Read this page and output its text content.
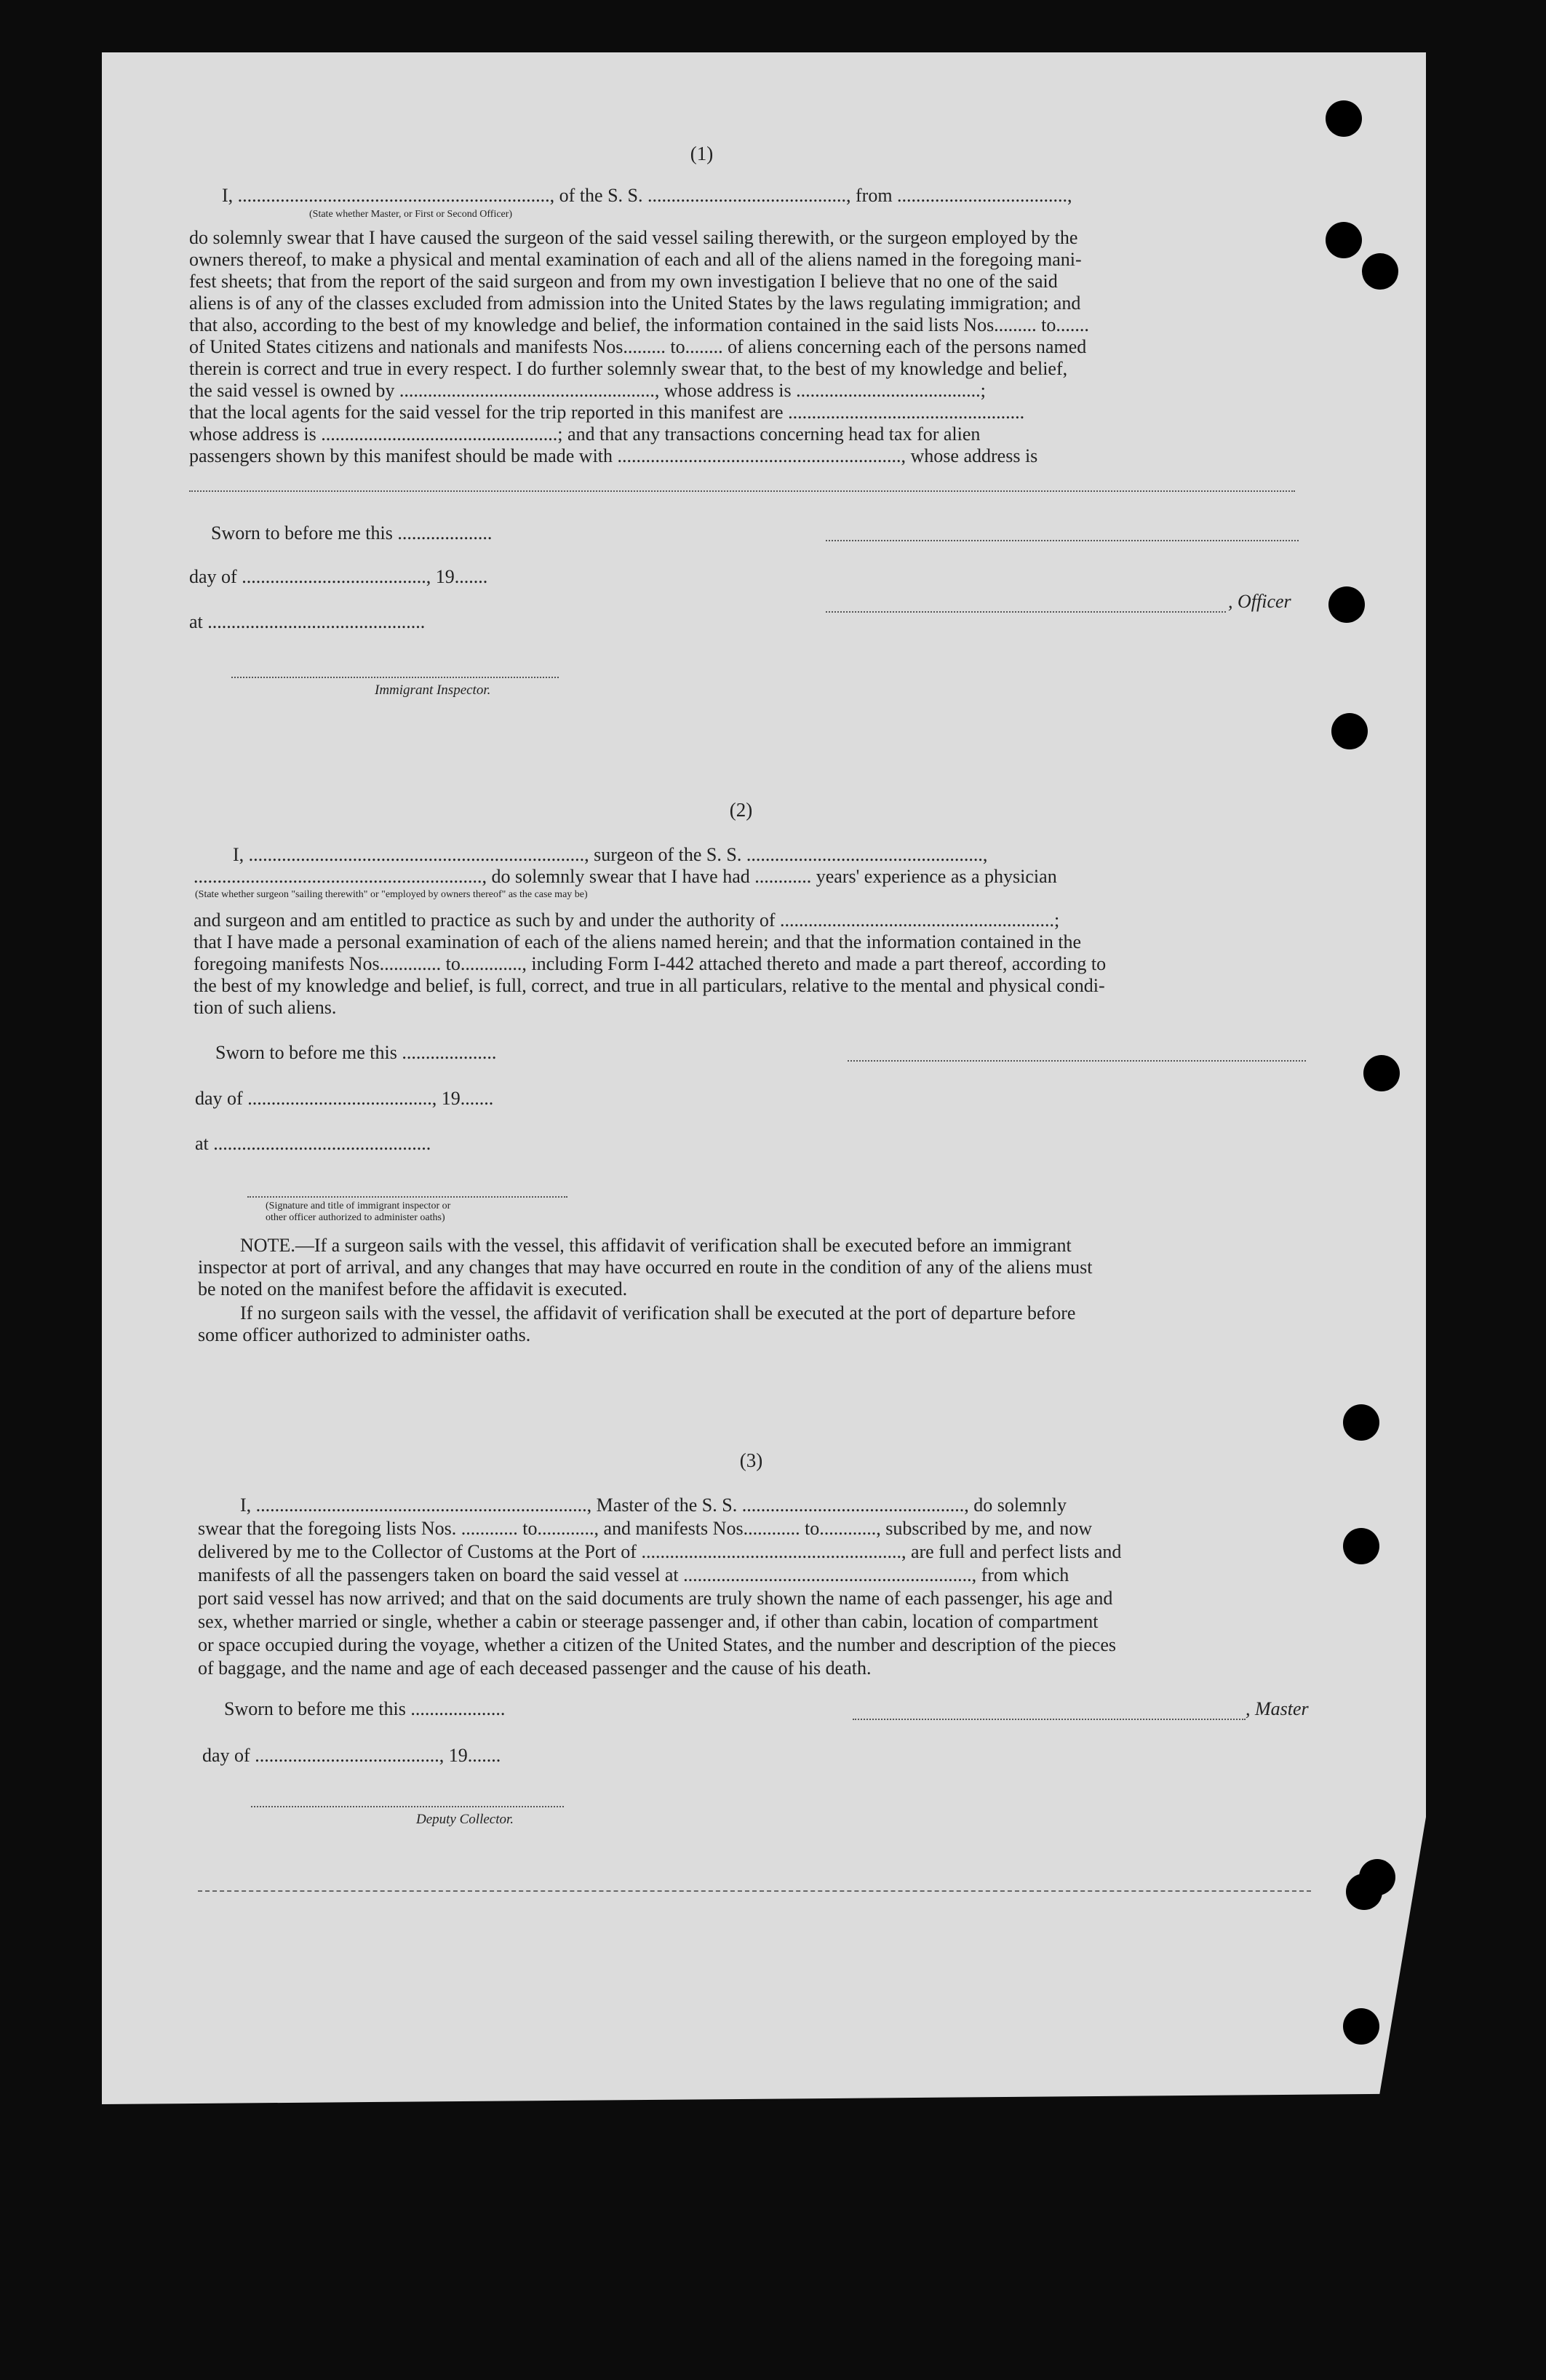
(1)
I, .................................................................., of the S. S. .........................................., from ....................................,
(State whether Master, or First or Second Officer)
do solemnly swear that I have caused the surgeon of the said vessel sailing therewith, or the surgeon employed by the
owners thereof, to make a physical and mental examination of each and all of the aliens named in the foregoing mani-
fest sheets; that from the report of the said surgeon and from my own investigation I believe that no one of the said
aliens is of any of the classes excluded from admission into the United States by the laws regulating immigration; and
that also, according to the best of my knowledge and belief, the information contained in the said lists Nos......... to.......
of United States citizens and nationals and manifests Nos......... to........ of aliens concerning each of the persons named
therein is correct and true in every respect. I do further solemnly swear that, to the best of my knowledge and belief,
the said vessel is owned by ......................................................, whose address is .......................................;
that the local agents for the said vessel for the trip reported in this manifest are ..................................................
whose address is ..................................................; and that any transactions concerning head tax for alien
passengers shown by this manifest should be made with ............................................................, whose address is
Sworn to before me this ....................
day of ......................................., 19.......
, Officer
at ..............................................
Immigrant Inspector.
(2)
I, ......................................................................., surgeon of the S. S. ..................................................,
............................................................., do solemnly swear that I have had ............ years' experience as a physician
(State whether surgeon "sailing therewith" or "employed by owners thereof" as the case may be)
and surgeon and am entitled to practice as such by and under the authority of ..........................................................;
that I have made a personal examination of each of the aliens named herein; and that the information contained in the
foregoing manifests Nos............. to............., including Form I-442 attached thereto and made a part thereof, according to
the best of my knowledge and belief, is full, correct, and true in all particulars, relative to the mental and physical condi-
tion of such aliens.
Sworn to before me this ....................
day of ......................................., 19.......
at ..............................................
(Signature and title of immigrant inspector or
other officer authorized to administer oaths)
NOTE.—If a surgeon sails with the vessel, this affidavit of verification shall be executed before an immigrant
inspector at port of arrival, and any changes that may have occurred en route in the condition of any of the aliens must
be noted on the manifest before the affidavit is executed.
If no surgeon sails with the vessel, the affidavit of verification shall be executed at the port of departure before
some officer authorized to administer oaths.
(3)
I, ......................................................................, Master of the S. S. ..............................................., do solemnly
swear that the foregoing lists Nos. ............ to............, and manifests Nos............ to............, subscribed by me, and now
delivered by me to the Collector of Customs at the Port of ......................................................., are full and perfect lists and
manifests of all the passengers taken on board the said vessel at ............................................................., from which
port said vessel has now arrived; and that on the said documents are truly shown the name of each passenger, his age and
sex, whether married or single, whether a cabin or steerage passenger and, if other than cabin, location of compartment
or space occupied during the voyage, whether a citizen of the United States, and the number and description of the pieces
of baggage, and the name and age of each deceased passenger and the cause of his death.
Sworn to before me this ....................	, Master
day of ......................................., 19.......
Deputy Collector.
